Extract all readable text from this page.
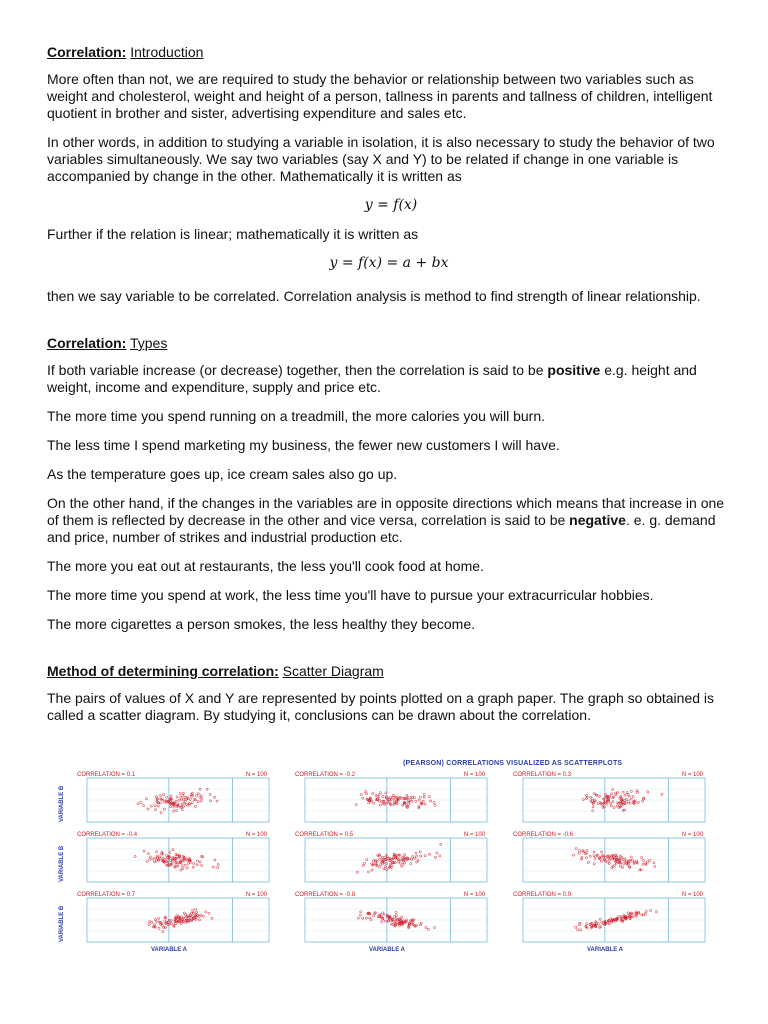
Correlation: Introduction

More often than not, we are required to study the behavior or relationship between two variables such as weight and cholesterol, weight and height of a person, tallness in parents and tallness of children, intelligent quotient in brother and sister, advertising expenditure and sales etc.

In other words, in addition to studying a variable in isolation, it is also necessary to study the behavior of two variables simultaneously. We say two variables (say X and Y) to be related if change in one variable is accompanied by change in the other. Mathematically it is written as

y = f(x)

Further if the relation is linear; mathematically it is written as

y = f(x) = a + bx

then we say variable to be correlated. Correlation analysis is method to find strength of linear relationship.

Correlation: Types

If both variable increase (or decrease) together, then the correlation is said to be positive e.g. height and weight, income and expenditure, supply and price etc.

The more time you spend running on a treadmill, the more calories you will burn.

The less time I spend marketing my business, the fewer new customers I will have.

As the temperature goes up, ice cream sales also go up.

On the other hand, if the changes in the variables are in opposite directions which means that increase in one of them is reflected by decrease in the other and vice versa, correlation is said to be negative. e. g. demand and price, number of strikes and industrial production etc.

The more you eat out at restaurants, the less you'll cook food at home.

The more time you spend at work, the less time you'll have to pursue your extracurricular hobbies.

The more cigarettes a person smokes, the less healthy they become.

Method of determining correlation: Scatter Diagram

The pairs of values of X and Y are represented by points plotted on a graph paper. The graph so obtained is called a scatter diagram. By studying it, conclusions can be drawn about the correlation.

(PEARSON) CORRELATIONS VISUALIZED AS SCATTERPLOTS
CORRELATION = 0.1	N = 100	CORRELATION = -0.2	N = 100	CORRELATION = 0.3	N = 100
CORRELATION = -0.4	N = 100	CORRELATION = 0.5	N = 100	CORRELATION = -0.6	N = 100
CORRELATION = 0.7	N = 100	CORRELATION = -0.8	N = 100	CORRELATION = 0.9	N = 100
VARIABLE A	VARIABLE A	VARIABLE A
VARIABLE B
VARIABLE B
VARIABLE B
